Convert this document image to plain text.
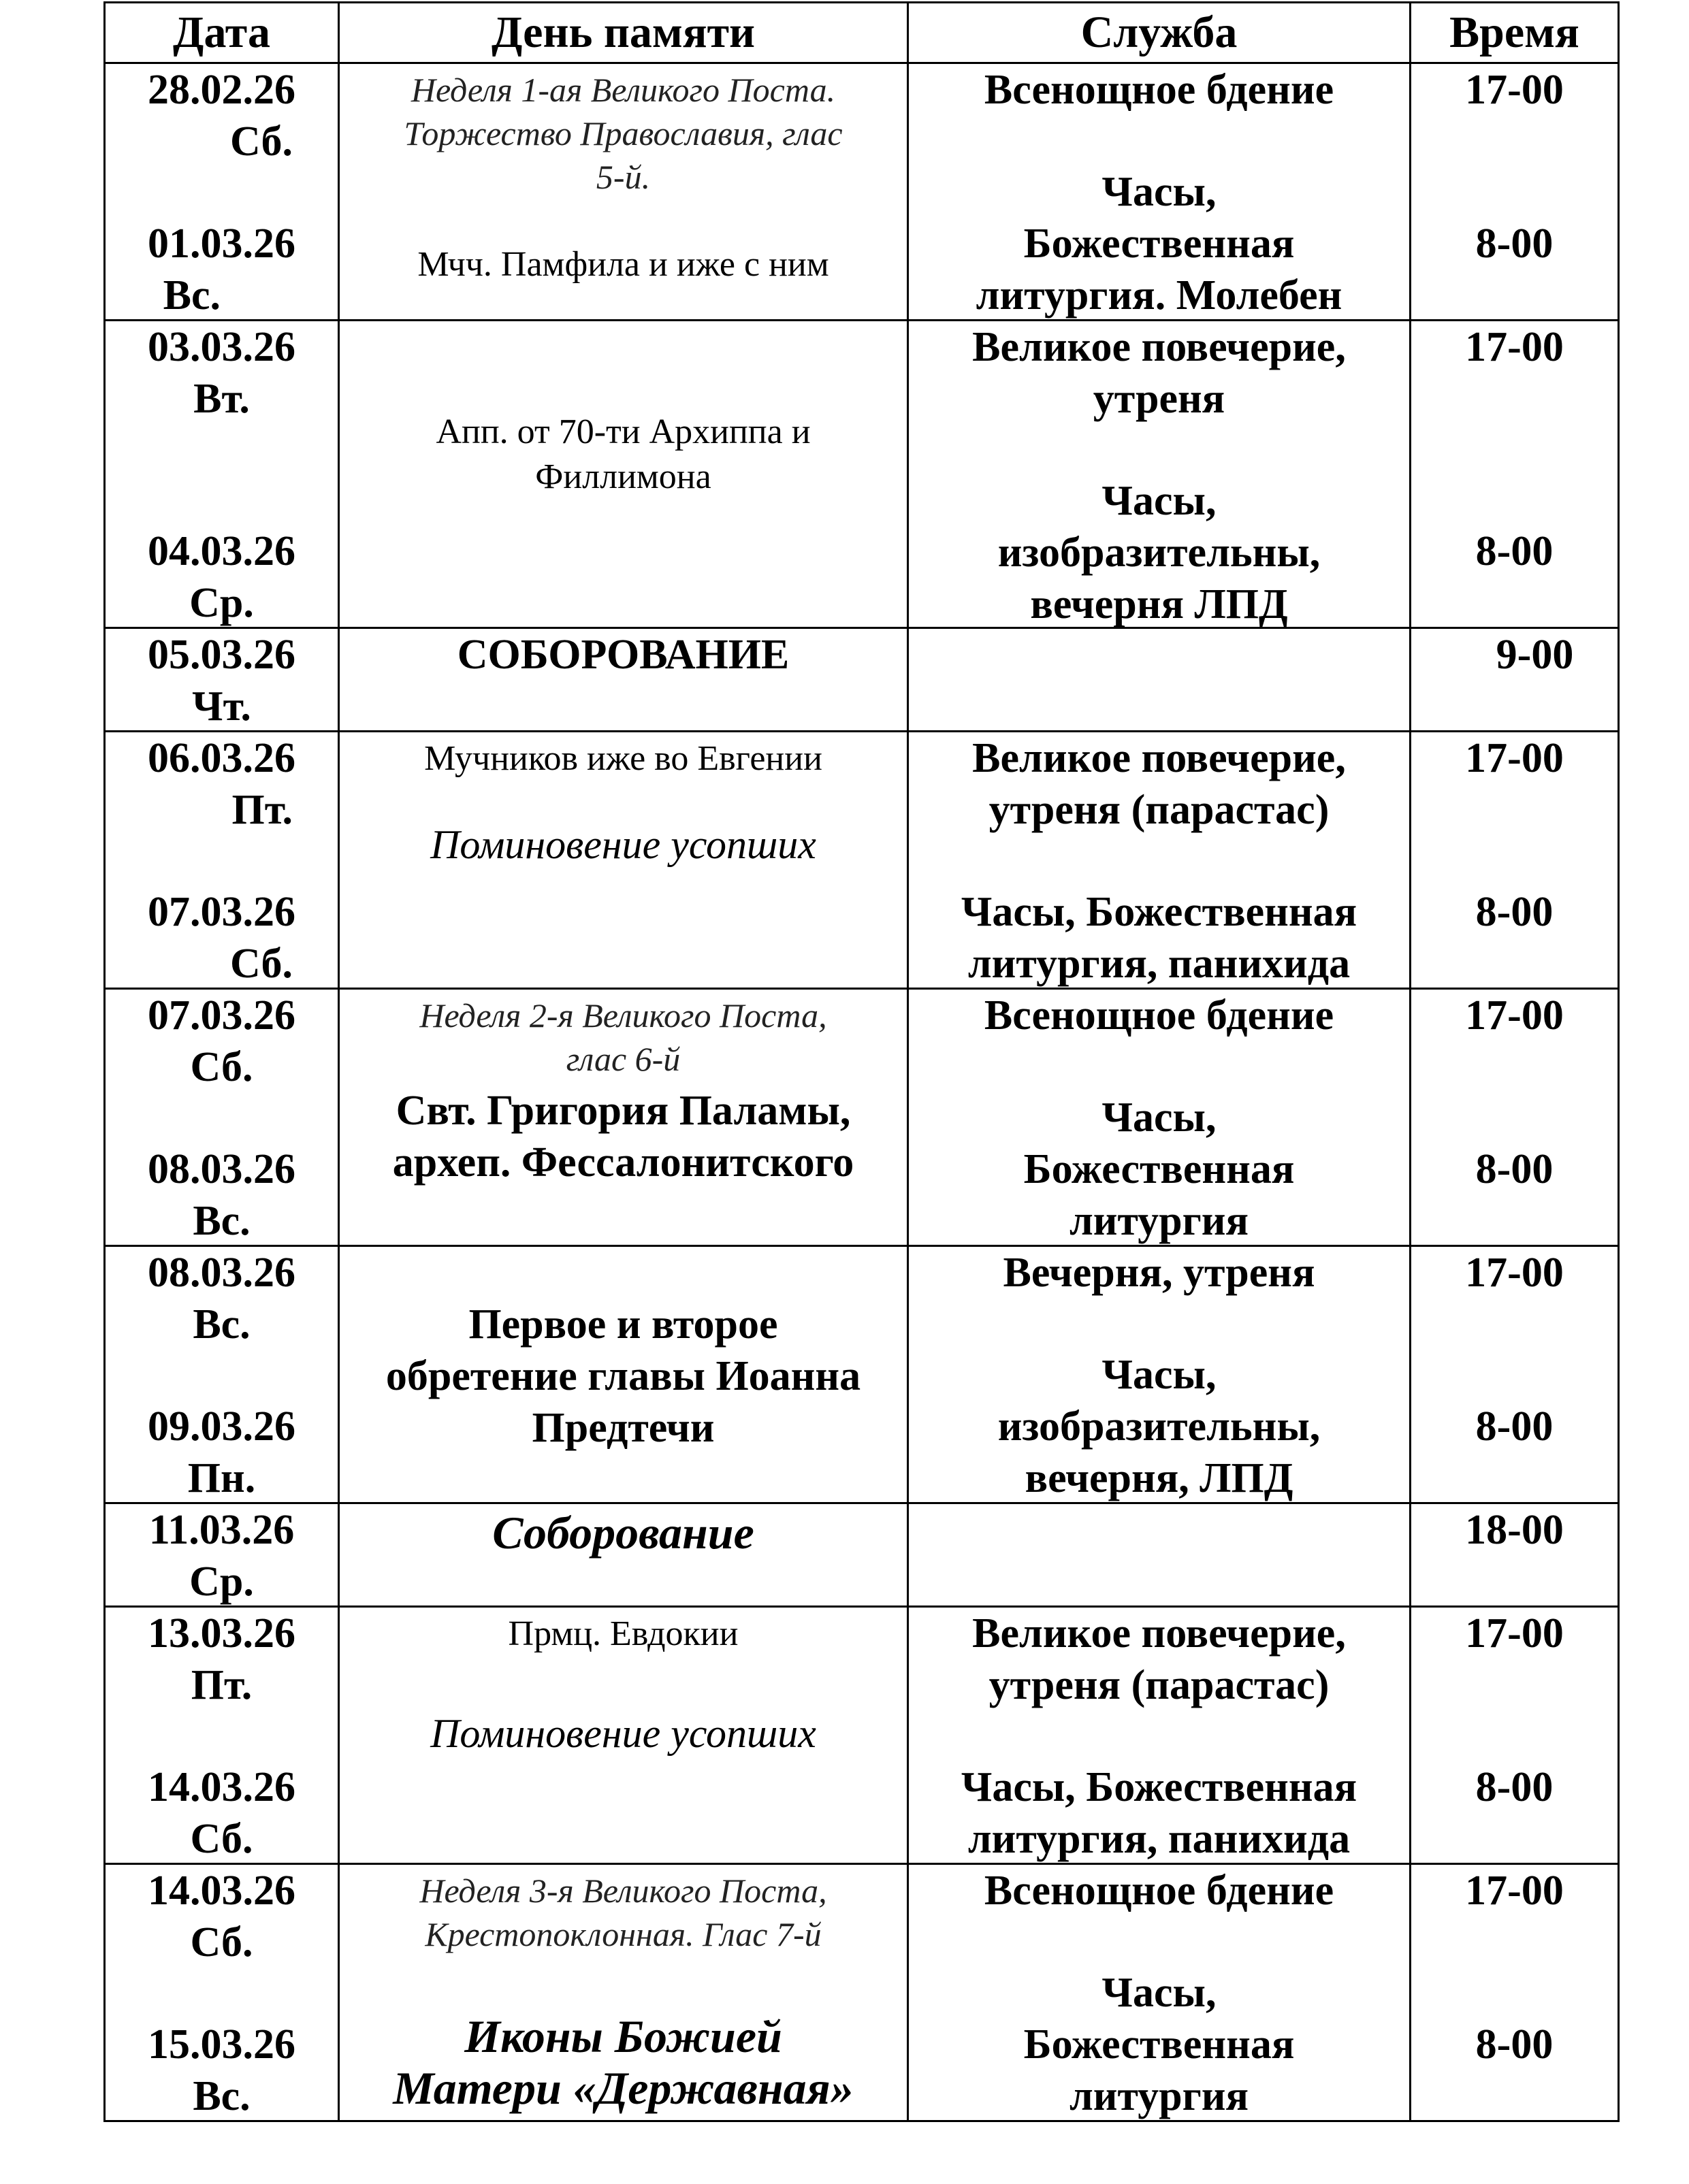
Дата	День памяти	Служба	Время

28.02.26
Сб.
01.03.26
Вс.	Неделя 1-ая Великого Поста.
Торжество Православия, глас
5-й.
Мчч. Памфила и иже с ним	Всенощное бдение
Часы,
Божественная
литургия. Молебен	17-00
8-00

03.03.26
Вт.
04.03.26
Ср.	Апп. от 70-ти Архиппа и
Филлимона	Великое повечерие,
утреня
Часы,
изобразительны,
вечерня ЛПД	17-00
8-00

05.03.26
Чт.	СОБОРОВАНИЕ		9-00

06.03.26
Пт.
07.03.26
Сб.	Мучников иже во Евгении
Поминовение усопших	Великое повечерие,
утреня (парастас)
Часы, Божественная
литургия, панихида	17-00
8-00

07.03.26
Сб.
08.03.26
Вс.	Неделя 2-я Великого Поста,
глас 6-й
Свт. Григория Паламы,
археп. Фессалонитского	Всенощное бдение
Часы,
Божественная
литургия	17-00
8-00

08.03.26
Вс.
09.03.26
Пн.	Первое и второе
обретение главы Иоанна
Предтечи	Вечерня, утреня
Часы,
изобразительны,
вечерня, ЛПД	17-00
8-00

11.03.26
Ср.	Соборование		18-00

13.03.26
Пт.
14.03.26
Сб.	Прмц. Евдокии
Поминовение усопших	Великое повечерие,
утреня (парастас)
Часы, Божественная
литургия, панихида	17-00
8-00

14.03.26
Сб.
15.03.26
Вс.	Неделя 3-я Великого Поста,
Крестопоклонная. Глас 7-й
Иконы Божией
Матери «Державная»	Всенощное бдение
Часы,
Божественная
литургия	17-00
8-00
